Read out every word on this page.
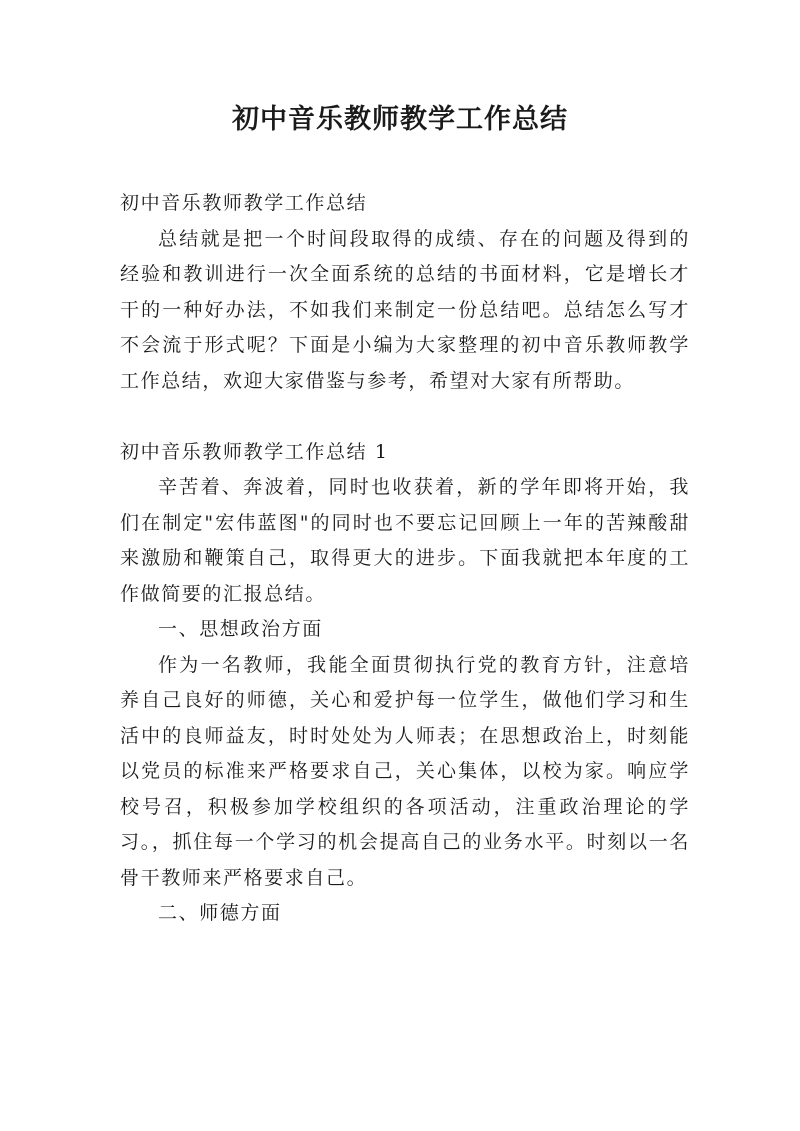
初中音乐教师教学工作总结

初中音乐教师教学工作总结

总结就是把一个时间段取得的成绩、存在的问题及得到的经验和教训进行一次全面系统的总结的书面材料，它是增长才干的一种好办法，不如我们来制定一份总结吧。总结怎么写才不会流于形式呢？下面是小编为大家整理的初中音乐教师教学工作总结，欢迎大家借鉴与参考，希望对大家有所帮助。

初中音乐教师教学工作总结 1

辛苦着、奔波着，同时也收获着，新的学年即将开始，我们在制定"宏伟蓝图"的同时也不要忘记回顾上一年的苦辣酸甜来激励和鞭策自己，取得更大的进步。下面我就把本年度的工作做简要的汇报总结。

一、思想政治方面

作为一名教师，我能全面贯彻执行党的教育方针，注意培养自己良好的师德，关心和爱护每一位学生，做他们学习和生活中的良师益友，时时处处为人师表；在思想政治上，时刻能以党员的标准来严格要求自己，关心集体，以校为家。响应学校号召，积极参加学校组织的各项活动，注重政治理论的学习。，抓住每一个学习的机会提高自己的业务水平。时刻以一名骨干教师来严格要求自己。

二、师德方面
